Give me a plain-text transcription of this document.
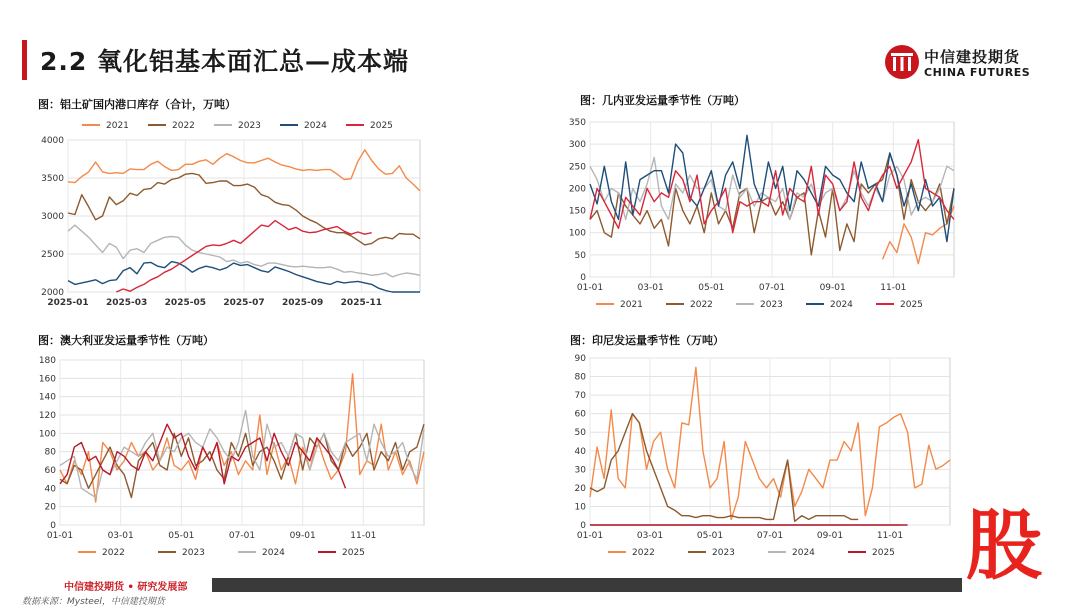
2.2 氧化铝基本面汇总—成本端	中信建投期货
CHINA FUTURES
图：铝土矿国内港口库存（合计，万吨）
2000
2500
3000
3500
4000
2025-01 2025-03 2025-05 2025-07 2025-09 2025-11
2021	2022	2023	2024	2025
图：几内亚发运量季节性（万吨）
0
50
100
150
200
250
300
350
01-01	03-01	05-01	07-01	09-01	11-01
2021	2022	2023	2024	2025
图：澳大利亚发运量季节性（万吨）
0
20
40
60
80
100
120
140
160
180
01-01	03-01	05-01	07-01	09-01	11-01
2022	2023	2024	2025
图：印尼发运量季节性（万吨）
0
10
20
30
40
50
60
70
80
90
01-01	03-01	05-01	07-01	09-01	11-01
2022	2023	2024	2025
中信建投期货 • 研究发展部
数据来源：Mysteel，中信建投期货
股
